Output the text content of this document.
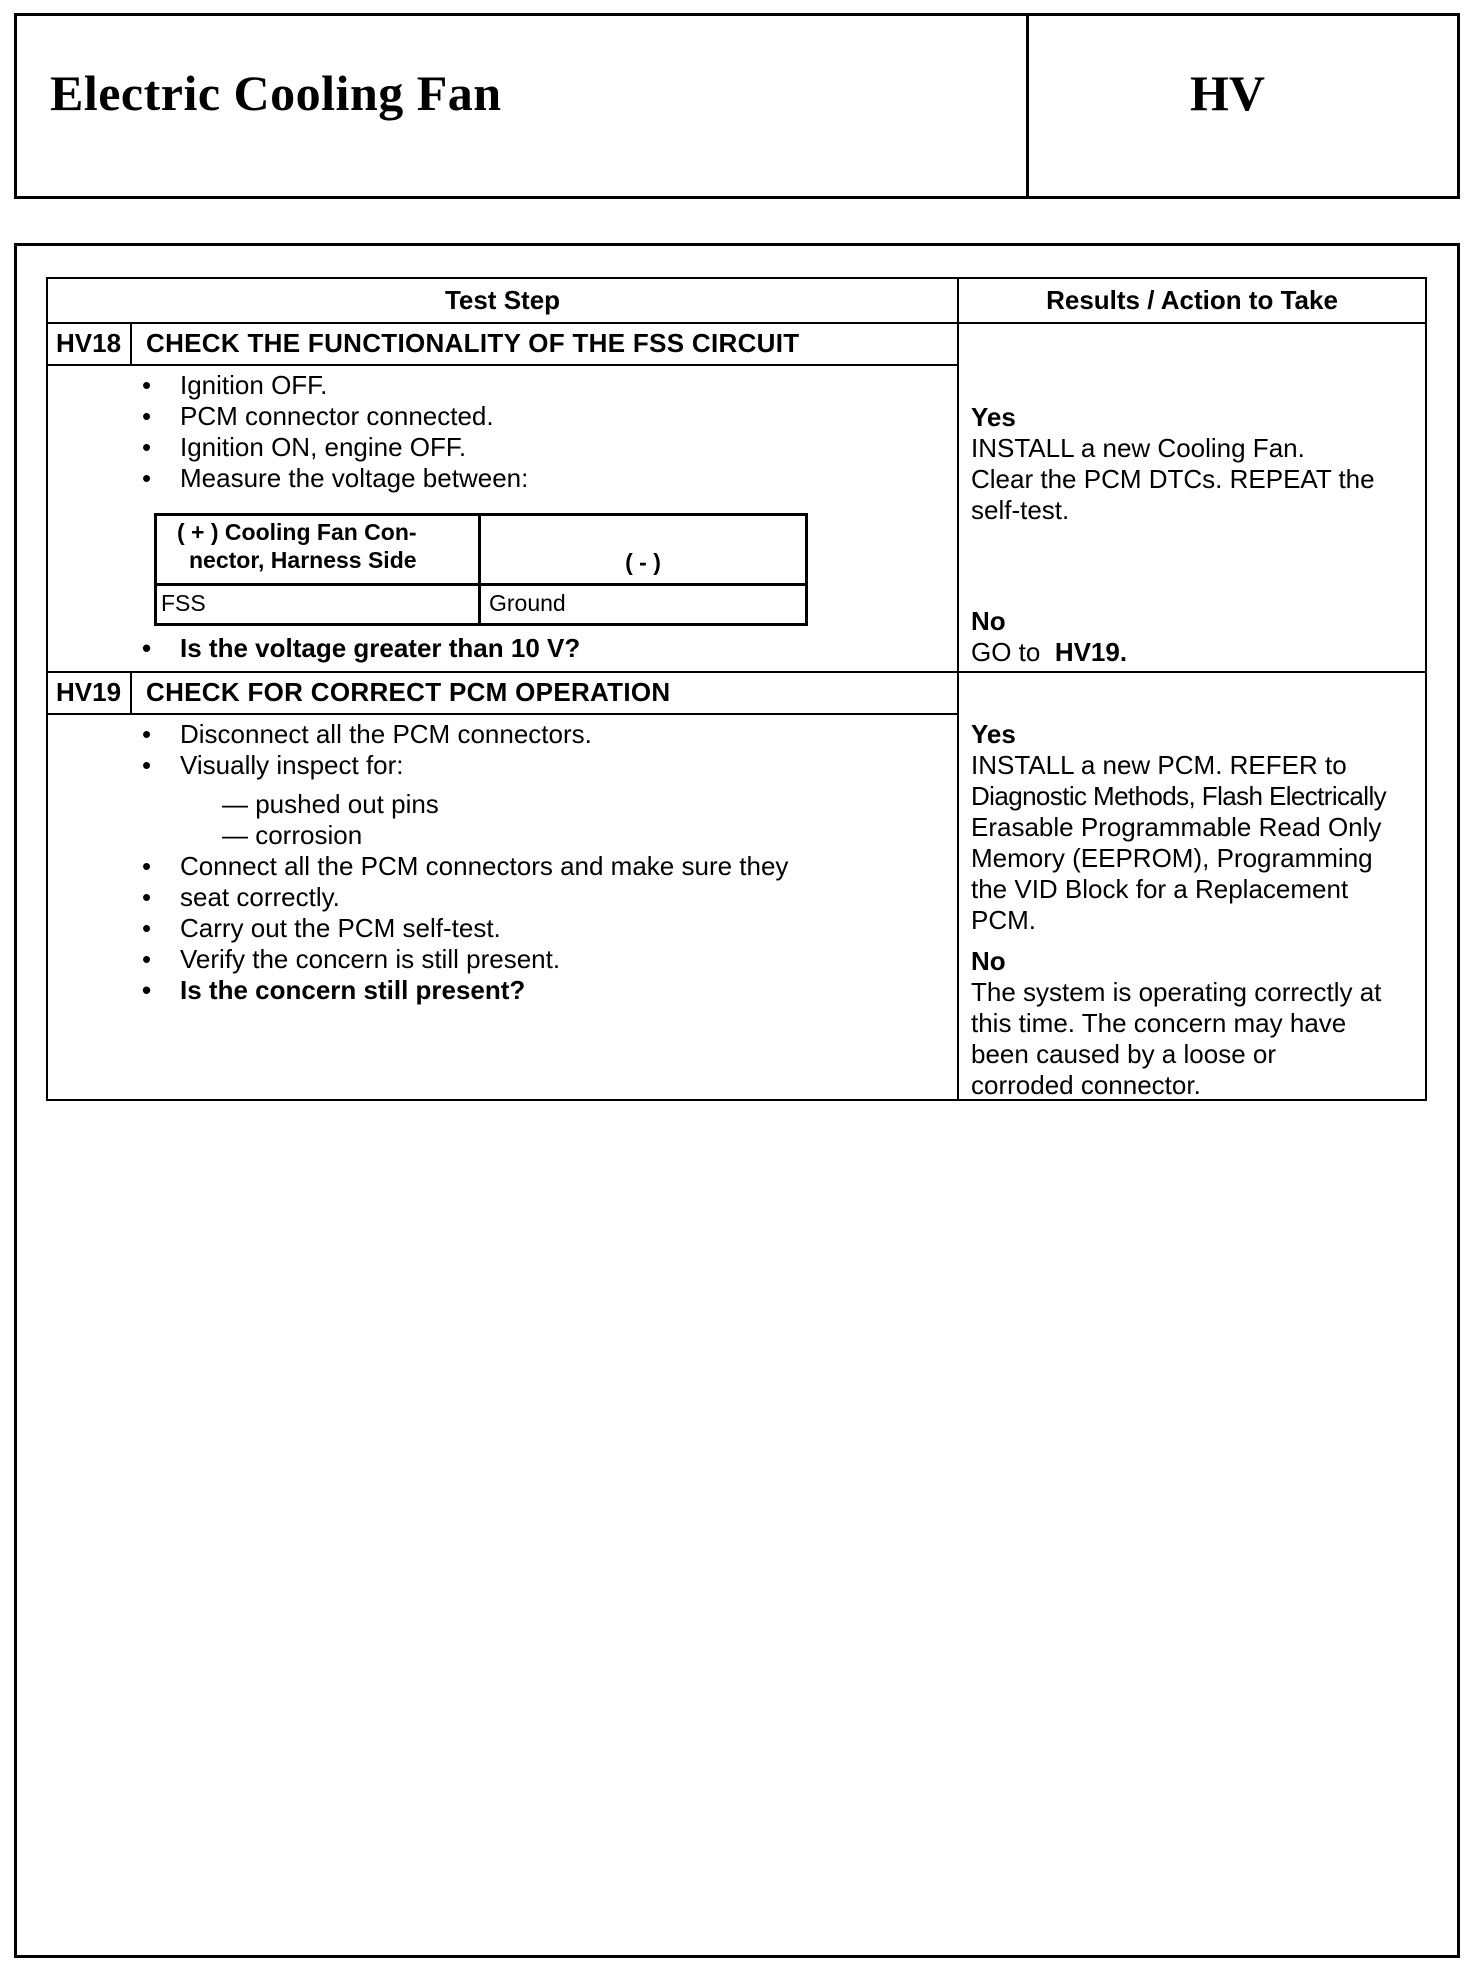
Electric Cooling Fan	HV
Test Step	Results / Action to Take
HV18 CHECK THE FUNCTIONALITY OF THE FSS CIRCUIT
• Ignition OFF.
• PCM connector connected.
• Ignition ON, engine OFF.
• Measure the voltage between:
( + ) Cooling Fan Con-
nector, Harness Side	( - )
FSS	Ground
• Is the voltage greater than 10 V?
Yes
INSTALL a new Cooling Fan.
Clear the PCM DTCs. REPEAT the
self-test.
No
GO to HV19.
HV19 CHECK FOR CORRECT PCM OPERATION
• Disconnect all the PCM connectors.
• Visually inspect for:
— pushed out pins
— corrosion
• Connect all the PCM connectors and make sure they
• seat correctly.
• Carry out the PCM self-test.
• Verify the concern is still present.
• Is the concern still present?
Yes
INSTALL a new PCM. REFER to
Diagnostic Methods, Flash Electrically
Erasable Programmable Read Only
Memory (EEPROM), Programming
the VID Block for a Replacement
PCM.
No
The system is operating correctly at
this time. The concern may have
been caused by a loose or
corroded connector.
